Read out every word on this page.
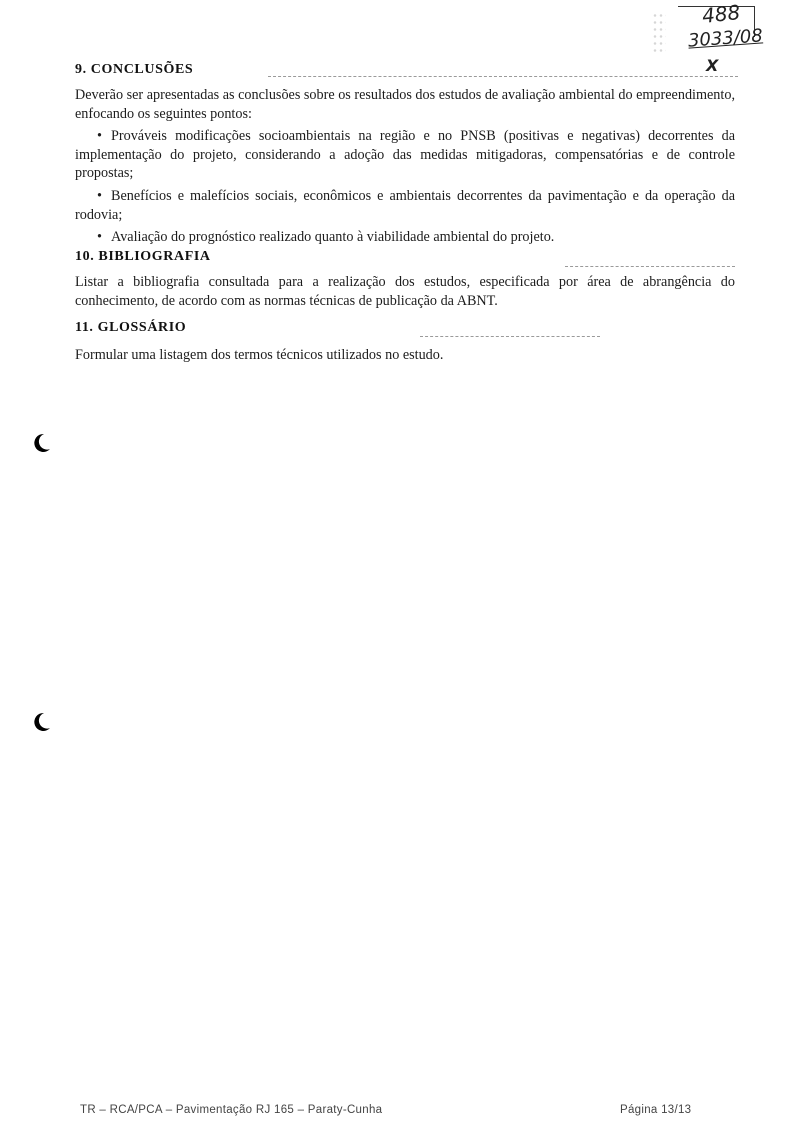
488
3033/08
X
9. CONCLUSÕES

Deverão ser apresentadas as conclusões sobre os resultados dos estudos de avaliação ambiental do empreendimento, enfocando os seguintes pontos:

• Prováveis modificações socioambientais na região e no PNSB (positivas e negativas) decorrentes da implementação do projeto, considerando a adoção das medidas mitigadoras, compensatórias e de controle propostas;

• Benefícios e malefícios sociais, econômicos e ambientais decorrentes da pavimentação e da operação da rodovia;

• Avaliação do prognóstico realizado quanto à viabilidade ambiental do projeto.

10. BIBLIOGRAFIA

Listar a bibliografia consultada para a realização dos estudos, especificada por área de abrangência do conhecimento, de acordo com as normas técnicas de publicação da ABNT.

11. GLOSSÁRIO

Formular uma listagem dos termos técnicos utilizados no estudo.

TR – RCA/PCA – Pavimentação RJ 165 – Paraty-Cunha	Página 13/13
